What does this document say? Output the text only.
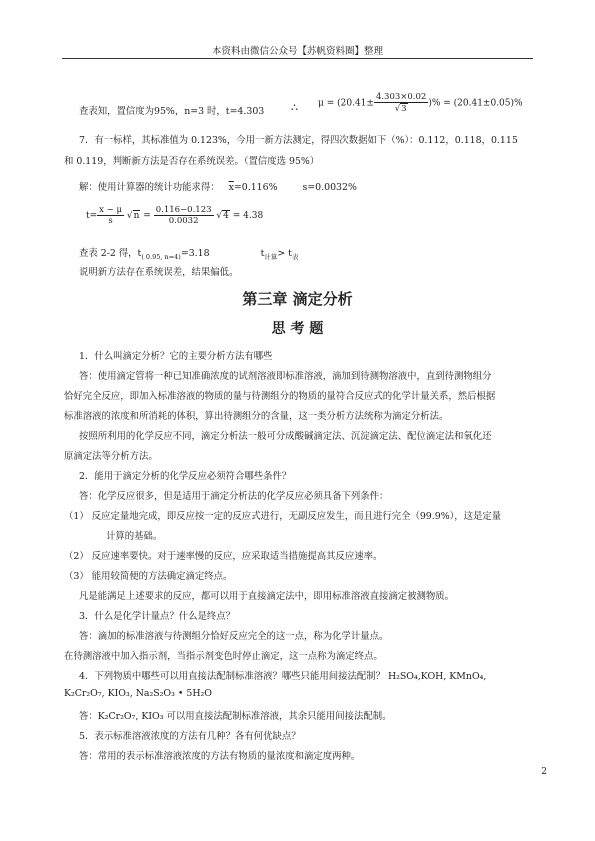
本资料由微信公众号【苏帆资料圈】整理
查表知，置信度为95%，n=3 时，t=4.303 ∴ $\mu = (20.41\pm \frac{4.303\times 0.02}{√3}$ )% = (20.41±0.05)%
7．有一标样，其标准值为 0.123%，今用一新方法测定，得四次数据如下（%）：0.112，0.118，0.115
和 0.119，判断新方法是否存在系统误差。（置信度选 95%）
解：使用计算器的统计功能求得： $\overline{x}=0.116\%$	s=0.0032%
$t= \frac{x - \mu}{s} √n = \frac{0.116-0.123}{0.0032} √4 = 4.38$
查表 2-2 得，$t_{( 0.95, n=4)}=3.18$	$t_{计算}> t_表$
说明新方法存在系统误差，结果偏低。
第三章 滴定分析
思 考 题
1．什么叫滴定分析？它的主要分析方法有哪些
答：使用滴定管将一种已知准确浓度的试剂溶液即标准溶液，滴加到待测物溶液中，直到待测物组分
恰好完全反应，即加入标准溶液的物质的量与待测组分的物质的量符合反应式的化学计量关系，然后根据
标准溶液的浓度和所消耗的体积，算出待测组分的含量，这一类分析方法统称为滴定分析法。
按照所利用的化学反应不同，滴定分析法一般可分成酸碱滴定法、沉淀滴定法、配位滴定法和氧化还
原滴定法等分析方法。
2．能用于滴定分析的化学反应必须符合哪些条件？
答：化学反应很多，但是适用于滴定分析法的化学反应必须具备下列条件：
（1） 反应定量地完成，即反应按一定的反应式进行，无副反应发生，而且进行完全（99.9%），这是定量
计算的基础。
（2） 反应速率要快。对于速率慢的反应，应采取适当措施提高其反应速率。
（3） 能用较简便的方法确定滴定终点。
凡是能满足上述要求的反应，都可以用于直接滴定法中，即用标准溶液直接滴定被测物质。
3．什么是化学计量点？什么是终点？
答：滴加的标准溶液与待测组分恰好反应完全的这一点，称为化学计量点。
在待测溶液中加入指示剂，当指示剂变色时停止滴定，这一点称为滴定终点。
4．下列物质中哪些可以用直接法配制标准溶液？哪些只能用间接法配制？ H₂SO₄,KOH, KMnO₄,
K₂Cr₂O₇, KIO₃, Na₂S₂O₃ • 5H₂O
答：K₂Cr₂O₇, KIO₃ 可以用直接法配制标准溶液，其余只能用间接法配制。
5．表示标准溶液浓度的方法有几种？各有何优缺点？
答：常用的表示标准溶液浓度的方法有物质的量浓度和滴定度两种。
2
